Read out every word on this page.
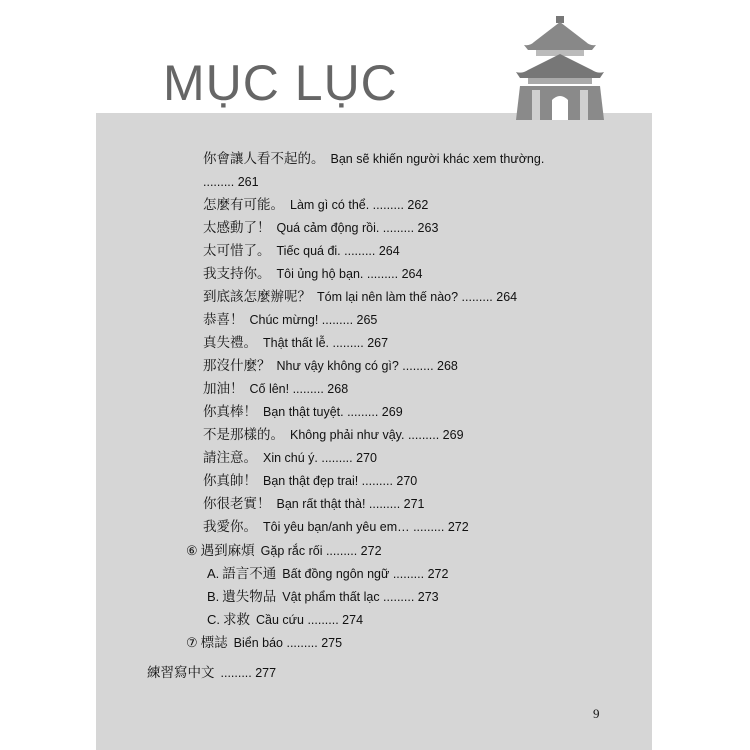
MỤC LỤC
你會讓人看不起的。 Bạn sẽ khiến người khác xem thường.
......... 261
怎麼有可能。 Làm gì có thể. ......... 262
太感動了！ Quá cảm động rồi. ......... 263
太可惜了。 Tiếc quá đi. ......... 264
我支持你。 Tôi ủng hộ bạn. ......... 264
到底該怎麼辦呢？ Tóm lại nên làm thế nào? ......... 264
恭喜！ Chúc mừng! ......... 265
真失禮。 Thật thất lễ. ......... 267
那沒什麼？ Như vậy không có gì? ......... 268
加油！ Cố lên! ......... 268
你真棒！ Bạn thật tuyệt. ......... 269
不是那樣的。 Không phải như vậy. ......... 269
請注意。 Xin chú ý. ......... 270
你真帥！ Bạn thật đẹp trai! ......... 270
你很老實！ Bạn rất thật thà! ......... 271
我愛你。 Tôi yêu bạn/anh yêu em… ......... 272
⑥ 遇到麻煩 Gặp rắc rối ......... 272
A. 語言不通 Bất đồng ngôn ngữ ......... 272
B. 遺失物品 Vật phẩm thất lạc ......... 273
C. 求救 Cầu cứu ......... 274
⑦ 標誌 Biển báo ......... 275
練習寫中文 ......... 277
9
